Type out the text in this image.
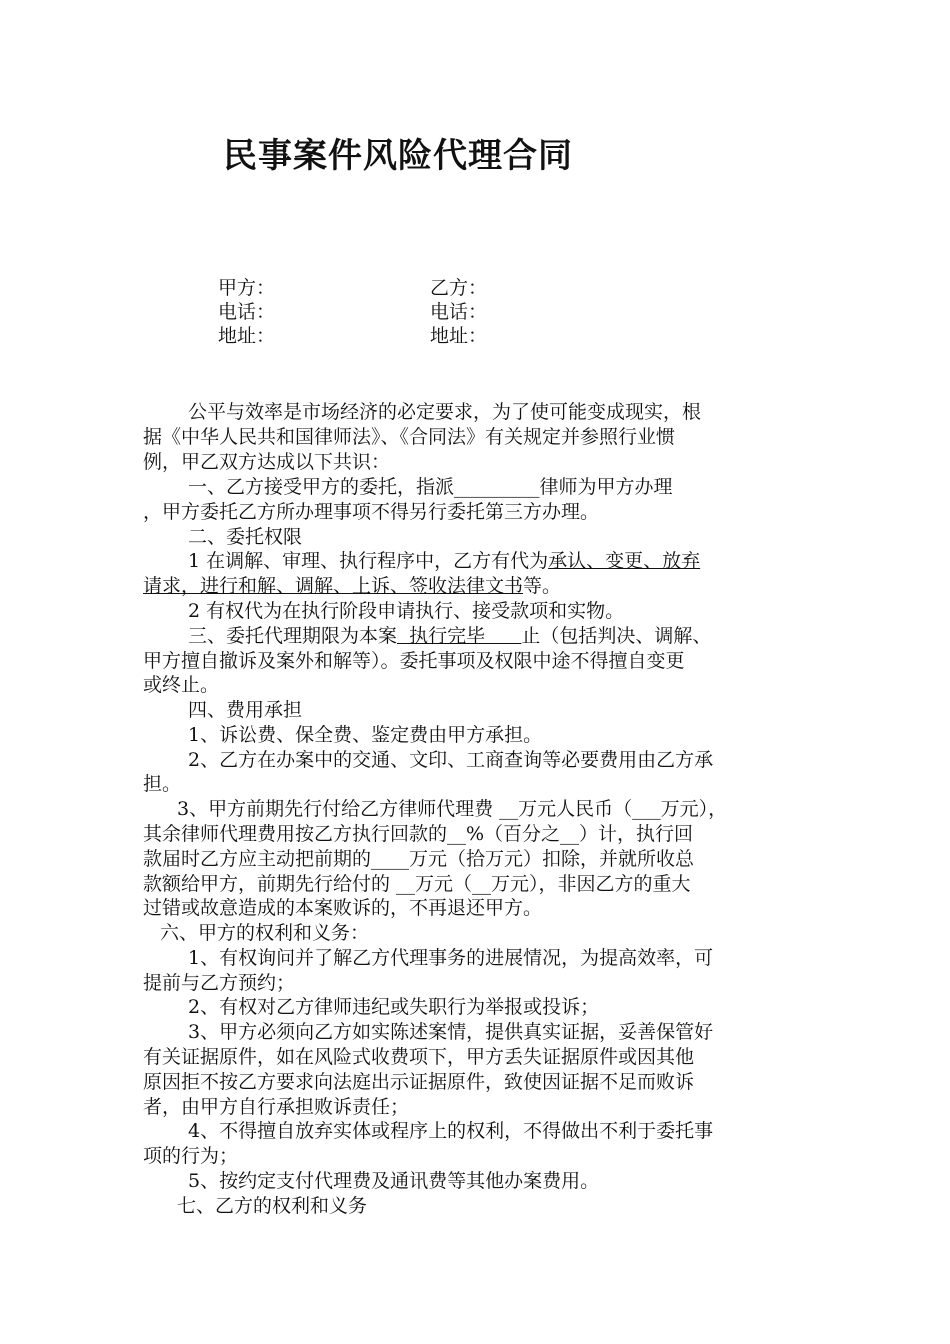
民事案件风险代理合同
甲方：
电话：
地址：
乙方：
电话：
地址：
公平与效率是市场经济的必定要求，为了使可能变成现实，根
据《中华人民共和国律师法》、《合同法》有关规定并参照行业惯
例，甲乙双方达成以下共识：
一、乙方接受甲方的委托，指派_________律师为甲方办理
，甲方委托乙方所办理事项不得另行委托第三方办理。
二、委托权限
1 在调解、审理、执行程序中，乙方有代为承认、变更、放弃
请求，进行和解、调解、上诉、签收法律文书等。
2 有权代为在执行阶段申请执行、接受款项和实物。
三、委托代理期限为本案  执行完毕      止（包括判决、调解、
甲方擅自撤诉及案外和解等）。委托事项及权限中途不得擅自变更
或终止。
四、费用承担
1、诉讼费、保全费、鉴定费由甲方承担。
2、乙方在办案中的交通、文印、工商查询等必要费用由乙方承
担。
3、甲方前期先行付给乙方律师代理费 __万元人民币（___万元），
其余律师代理费用按乙方执行回款的__%（百分之__）计，执行回
款届时乙方应主动把前期的____万元（拾万元）扣除，并就所收总
款额给甲方，前期先行给付的 __万元（__万元），非因乙方的重大
过错或故意造成的本案败诉的，不再退还甲方。
六、甲方的权利和义务：
1、有权询问并了解乙方代理事务的进展情况，为提高效率，可
提前与乙方预约；
2、有权对乙方律师违纪或失职行为举报或投诉；
3、甲方必须向乙方如实陈述案情，提供真实证据，妥善保管好
有关证据原件，如在风险式收费项下，甲方丢失证据原件或因其他
原因拒不按乙方要求向法庭出示证据原件，致使因证据不足而败诉
者，由甲方自行承担败诉责任；
4、不得擅自放弃实体或程序上的权利，不得做出不利于委托事
项的行为；
5、按约定支付代理费及通讯费等其他办案费用。
七、乙方的权利和义务
